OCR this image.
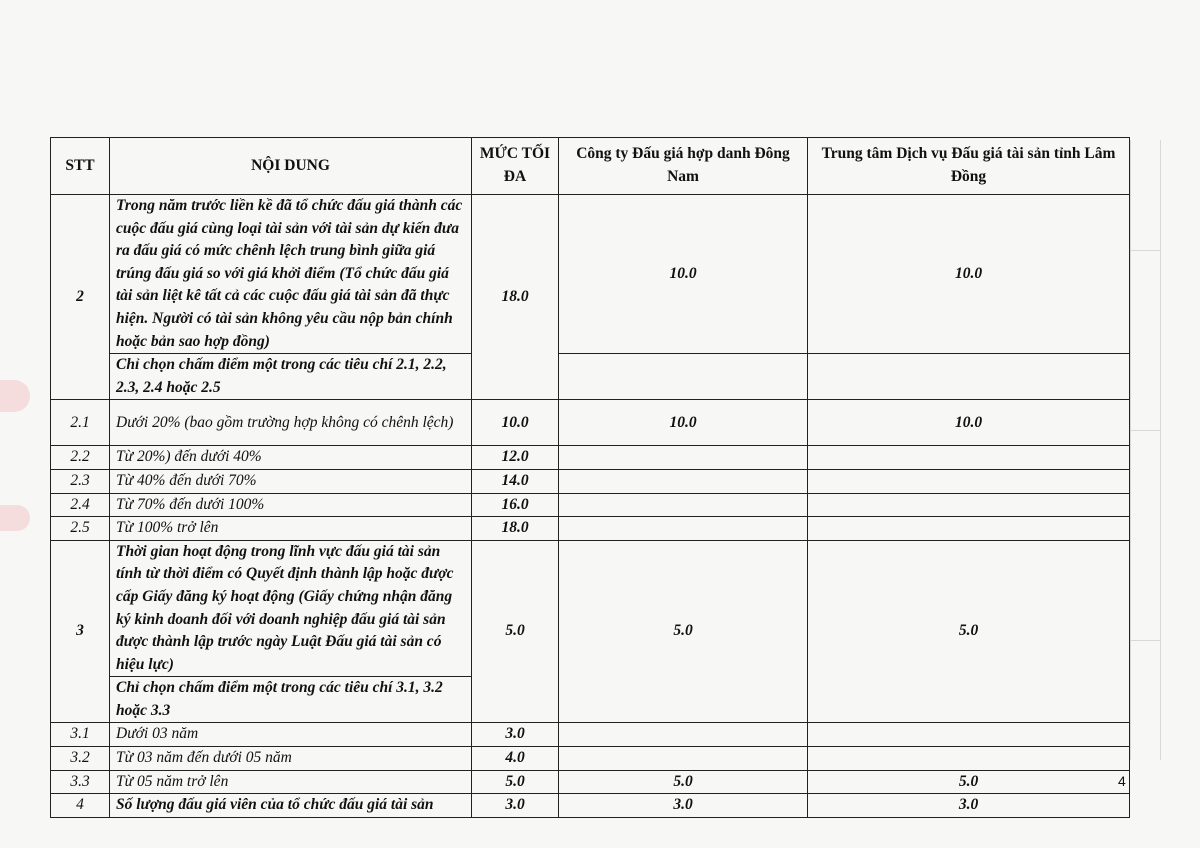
STT	NỘI DUNG	MỨC TỐI ĐA	Công ty Đấu giá hợp danh Đông Nam	Trung tâm Dịch vụ Đấu giá tài sản tỉnh Lâm Đồng
2	Trong năm trước liền kề đã tổ chức đấu giá thành các cuộc đấu giá cùng loại tài sản với tài sản dự kiến đưa ra đấu giá có mức chênh lệch trung bình giữa giá trúng đấu giá so với giá khởi điểm (Tổ chức đấu giá tài sản liệt kê tất cả các cuộc đấu giá tài sản đã thực hiện. Người có tài sản không yêu cầu nộp bản chính hoặc bản sao hợp đồng)	18.0	10.0	10.0
	Chỉ chọn chấm điểm một trong các tiêu chí 2.1, 2.2, 2.3, 2.4 hoặc 2.5			
2.1	Dưới 20% (bao gồm trường hợp không có chênh lệch)	10.0	10.0	10.0
2.2	Từ 20%) đến dưới 40%	12.0		
2.3	Từ 40% đến dưới 70%	14.0		
2.4	Từ 70% đến dưới 100%	16.0		
2.5	Từ 100% trở lên	18.0		
3	Thời gian hoạt động trong lĩnh vực đấu giá tài sản tính từ thời điểm có Quyết định thành lập hoặc được cấp Giấy đăng ký hoạt động (Giấy chứng nhận đăng ký kinh doanh đối với doanh nghiệp đấu giá tài sản được thành lập trước ngày Luật Đấu giá tài sản có hiệu lực)	5.0	5.0	5.0
	Chỉ chọn chấm điểm một trong các tiêu chí 3.1, 3.2 hoặc 3.3			
3.1	Dưới 03 năm	3.0		
3.2	Từ 03 năm đến dưới 05 năm	4.0		
3.3	Từ 05 năm trở lên	5.0	5.0	5.0
4	Số lượng đấu giá viên của tổ chức đấu giá tài sản	3.0	3.0	3.0
4
